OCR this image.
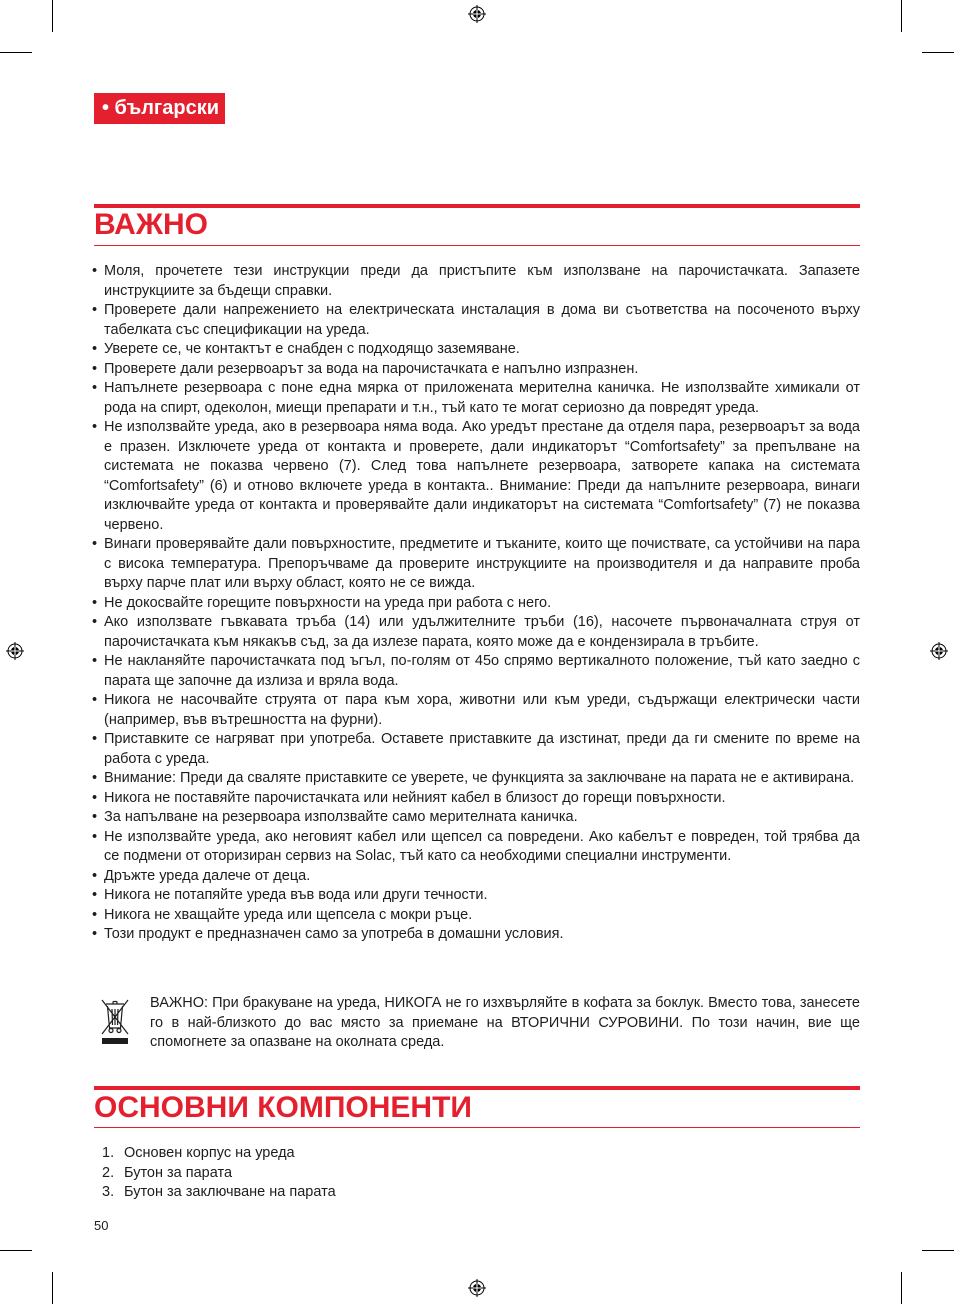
• български
ВАЖНО
• Моля, прочетете тези инструкции преди да пристъпите към използване на парочистачката. Запазете инструкциите за бъдещи справки.
• Проверете дали напрежението на електрическата инсталация в дома ви съответства на посоченото върху табелката със спецификации на уреда.
• Уверете се, че контактът е снабден с подходящо заземяване.
• Проверете дали резервоарът за вода на парочистачката е напълно изпразнен.
• Напълнете резервоара с поне една мярка от приложената мерителна каничка. Не използвайте химикали от рода на спирт, одеколон, миещи препарати и т.н., тъй като те могат сериозно да повредят уреда.
• Не използвайте уреда, ако в резервоара няма вода. Ако уредът престане да отделя пара, резервоарът за вода е празен. Изключете уреда от контакта и проверете, дали индикаторът “Comfortsafety” за препълване на системата не показва червено (7). След това напълнете резервоара, затворете капака на системата “Comfortsafety” (6) и отново включете уреда в контакта.. Внимание: Преди да напълните резервоара, винаги изключвайте уреда от контакта и проверявайте дали индикаторът на системата “Comfortsafety” (7) не показва червено.
• Винаги проверявайте дали повърхностите, предметите и тъканите, които ще почиствате, са устойчиви на пара с висока температура. Препоръчваме да проверите инструкциите на производителя и да направите проба върху парче плат или върху област, която не се вижда.
• Не докосвайте горещите повърхности на уреда при работа с него.
• Ако използвате гъвкавата тръба (14) или удължителните тръби (16), насочете първоначалната струя от парочистачката към някакъв съд, за да излезе парата, която може да е кондензирала в тръбите.
• Не накланяйте парочистачката под ъгъл, по-голям от 45о спрямо вертикалното положение, тъй като заедно с парата ще започне да излиза и вряла вода.
• Никога не насочвайте струята от пара към хора, животни или към уреди, съдържащи електрически части (например, във вътрешността на фурни).
• Приставките се нагряват при употреба. Оставете приставките да изстинат, преди да ги смените по време на работа с уреда.
• Внимание: Преди да сваляте приставките се уверете, че функцията за заключване на парата не е активирана.
• Никога не поставяйте парочистачката или нейният кабел в близост до горещи повърхности.
• За напълване на резервоара използвайте само мерителната каничка.
• Не използвайте уреда, ако неговият кабел или щепсел са повредени. Ако кабелът е повреден, той трябва да се подмени от оторизиран сервиз на Solac, тъй като са необходими специални инструменти.
• Дръжте уреда далече от деца.
• Никога не потапяйте уреда във вода или други течности.
• Никога не хващайте уреда или щепсела с мокри ръце.
• Този продукт е предназначен само за употреба в домашни условия.
ВАЖНО: При бракуване на уреда, НИКОГА не го изхвърляйте в кофата за боклук. Вместо това, занесете го в най-близкото до вас място за приемане на ВТОРИЧНИ СУРОВИНИ. По този начин, вие ще спомогнете за опазване на околната среда.
ОСНОВНИ КОМПОНЕНТИ
1. Основен корпус на уреда
2. Бутон за парата
3. Бутон за заключване на парата
50
